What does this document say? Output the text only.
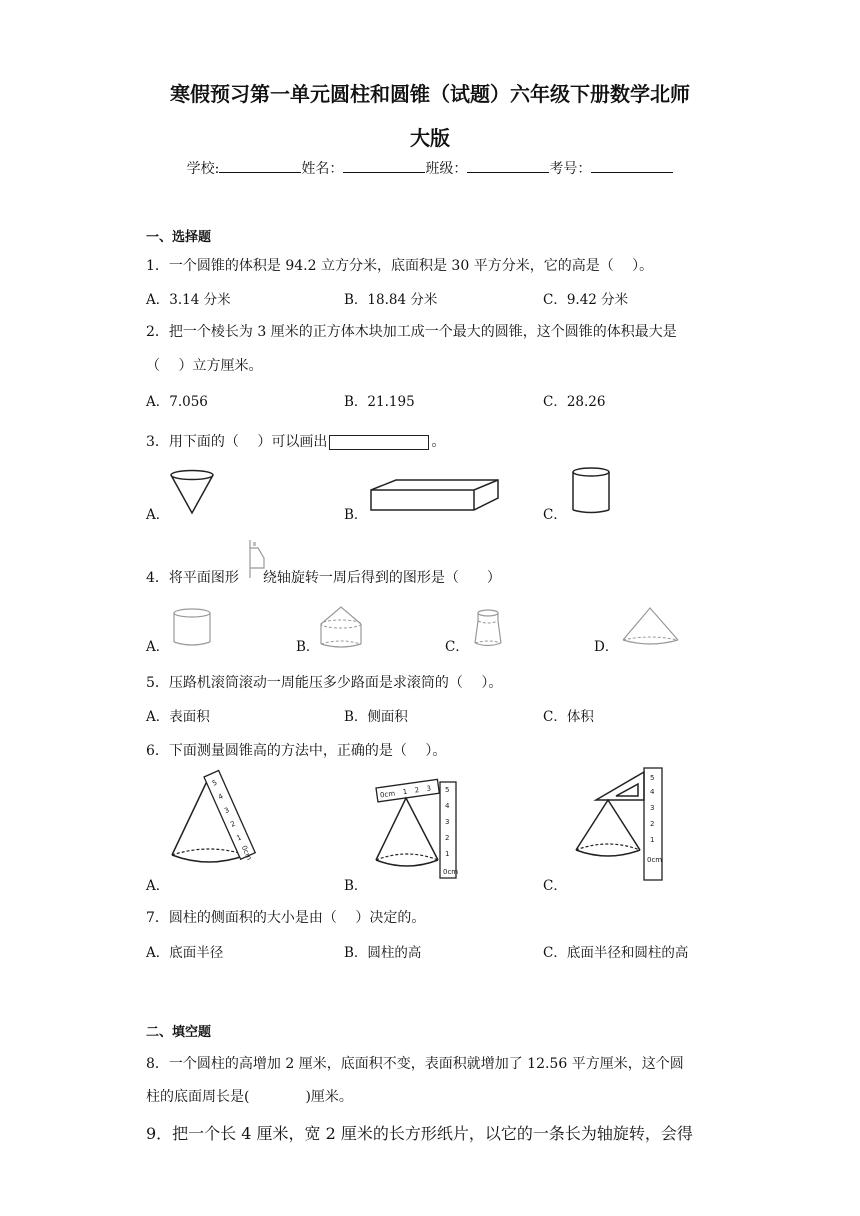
寒假预习第一单元圆柱和圆锥（试题）六年级下册数学北师
大版
学校:	姓名：	班级：	考号：
一、选择题
1．一个圆锥的体积是 94.2 立方分米，底面积是 30 平方分米，它的高是（　 ）。
A．3.14 分米	B．18.84 分米	C．9.42 分米
2．把一个棱长为 3 厘米的正方体木块加工成一个最大的圆锥，这个圆锥的体积最大是
（　 ）立方厘米。
A．7.056	B．21.195	C．28.26
3．用下面的（　 ）可以画出	。
A．	B．	C．
4．将平面图形 绕轴旋转一周后得到的图形是（　　）
A．	B．	C．	D．
5．压路机滚筒滚动一周能压多少路面是求滚筒的（　 ）。
A．表面积	B．侧面积	C．体积
6．下面测量圆锥高的方法中，正确的是（　 ）。
A．	B．	C．
0cm
1
2
3
4
5
0cm 1 2 3
0cm
1
2
3
4
5
0cm
1
2
3
4
5
7．圆柱的侧面积的大小是由（　 ）决定的。
A．底面半径	B．圆柱的高	C．底面半径和圆柱的高
二、填空题
8．一个圆柱的高增加 2 厘米，底面积不变，表面积就增加了 12.56 平方厘米，这个圆
柱的底面周长是(　　　　)厘米。
9．把一个长 4 厘米，宽 2 厘米的长方形纸片，以它的一条长为轴旋转，会得
